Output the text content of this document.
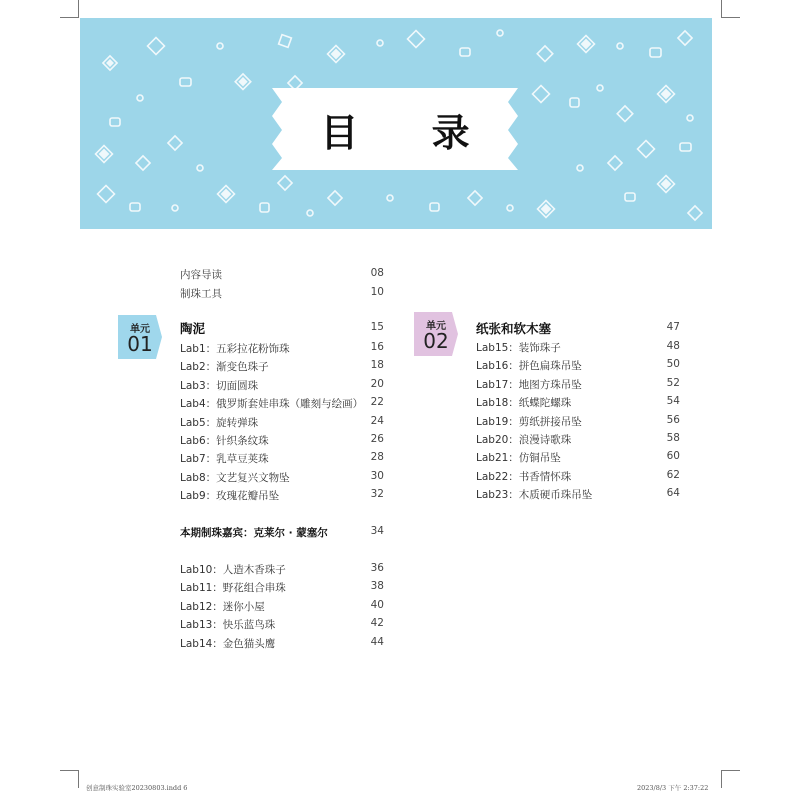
目 录
内容导读	08
制珠工具	10
单元
01
单元
02
陶泥	15
Lab1：五彩拉花粉饰珠	16
Lab2：渐变色珠子	18
Lab3：切面圆珠	20
Lab4：俄罗斯套娃串珠（雕刻与绘画） 22
Lab5：旋转弹珠	24
Lab6：针织条纹珠	26
Lab7：乳草豆荚珠	28
Lab8：文艺复兴文物坠	30
Lab9：玫瑰花瓣吊坠	32
本期制珠嘉宾：克莱尔 · 蒙塞尔	34
Lab10：人造木香珠子	36
Lab11：野花组合串珠	38
Lab12：迷你小屋	40
Lab13：快乐蓝鸟珠	42
Lab14：金色猫头鹰	44
纸张和软木塞	47
Lab15：装饰珠子	48
Lab16：拼色扁珠吊坠	50
Lab17：地图方珠吊坠	52
Lab18：纸蝶陀螺珠	54
Lab19：剪纸拼接吊坠	56
Lab20：浪漫诗歌珠	58
Lab21：仿铜吊坠	60
Lab22：书香情怀珠	62
Lab23：木质硬币珠吊坠	64
创意制珠实验室20230803.indd 6	2023/8/3 下午 2:37:22
